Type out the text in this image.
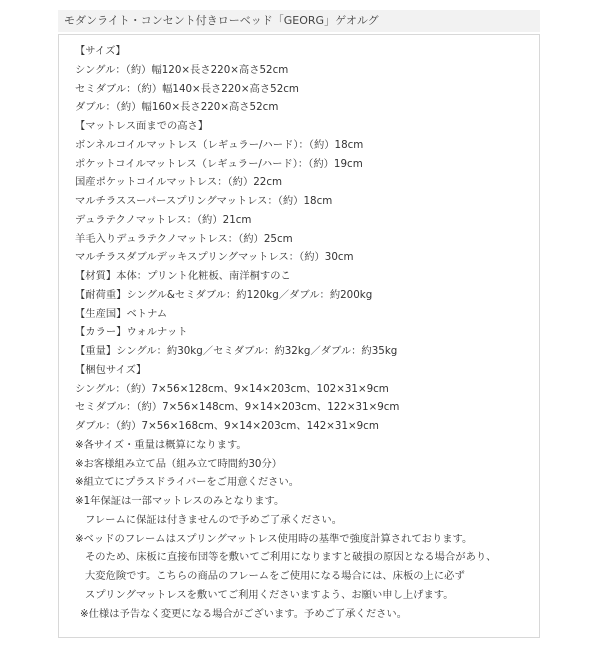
モダンライト・コンセント付きローベッド「GEORG」ゲオルグ
【サイズ】
シングル：（約）幅120×長さ220×高さ52cm
セミダブル：（約）幅140×長さ220×高さ52cm
ダブル：（約）幅160×長さ220×高さ52cm
【マットレス面までの高さ】
ボンネルコイルマットレス（レギュラー/ハード）：（約）18cm
ポケットコイルマットレス（レギュラー/ハード）：（約）19cm
国産ポケットコイルマットレス：（約）22cm
マルチラススーパースプリングマットレス：（約）18cm
デュラテクノマットレス：（約）21cm
羊毛入りデュラテクノマットレス：（約）25cm
マルチラスダブルデッキスプリングマットレス：（約）30cm
【材質】本体：プリント化粧板、南洋桐すのこ
【耐荷重】シングル&セミダブル：約120kg／ダブル：約200kg
【生産国】ベトナム
【カラー】ウォルナット
【重量】シングル：約30kg／セミダブル：約32kg／ダブル：約35kg
【梱包サイズ】
シングル：（約）7×56×128cm、9×14×203cm、102×31×9cm
セミダブル：（約）7×56×148cm、9×14×203cm、122×31×9cm
ダブル：（約）7×56×168cm、9×14×203cm、142×31×9cm
※各サイズ・重量は概算になります。
※お客様組み立て品（組み立て時間約30分）
※組立てにプラスドライバーをご用意ください。
※1年保証は一部マットレスのみとなります。
フレームに保証は付きませんので予めご了承ください。
※ベッドのフレームはスプリングマットレス使用時の基準で強度計算されております。
そのため、床板に直接布団等を敷いてご利用になりますと破損の原因となる場合があり、
大変危険です。こちらの商品のフレームをご使用になる場合には、床板の上に必ず
スプリングマットレスを敷いてご利用くださいますよう、お願い申し上げます。
※仕様は予告なく変更になる場合がございます。予めご了承ください。
